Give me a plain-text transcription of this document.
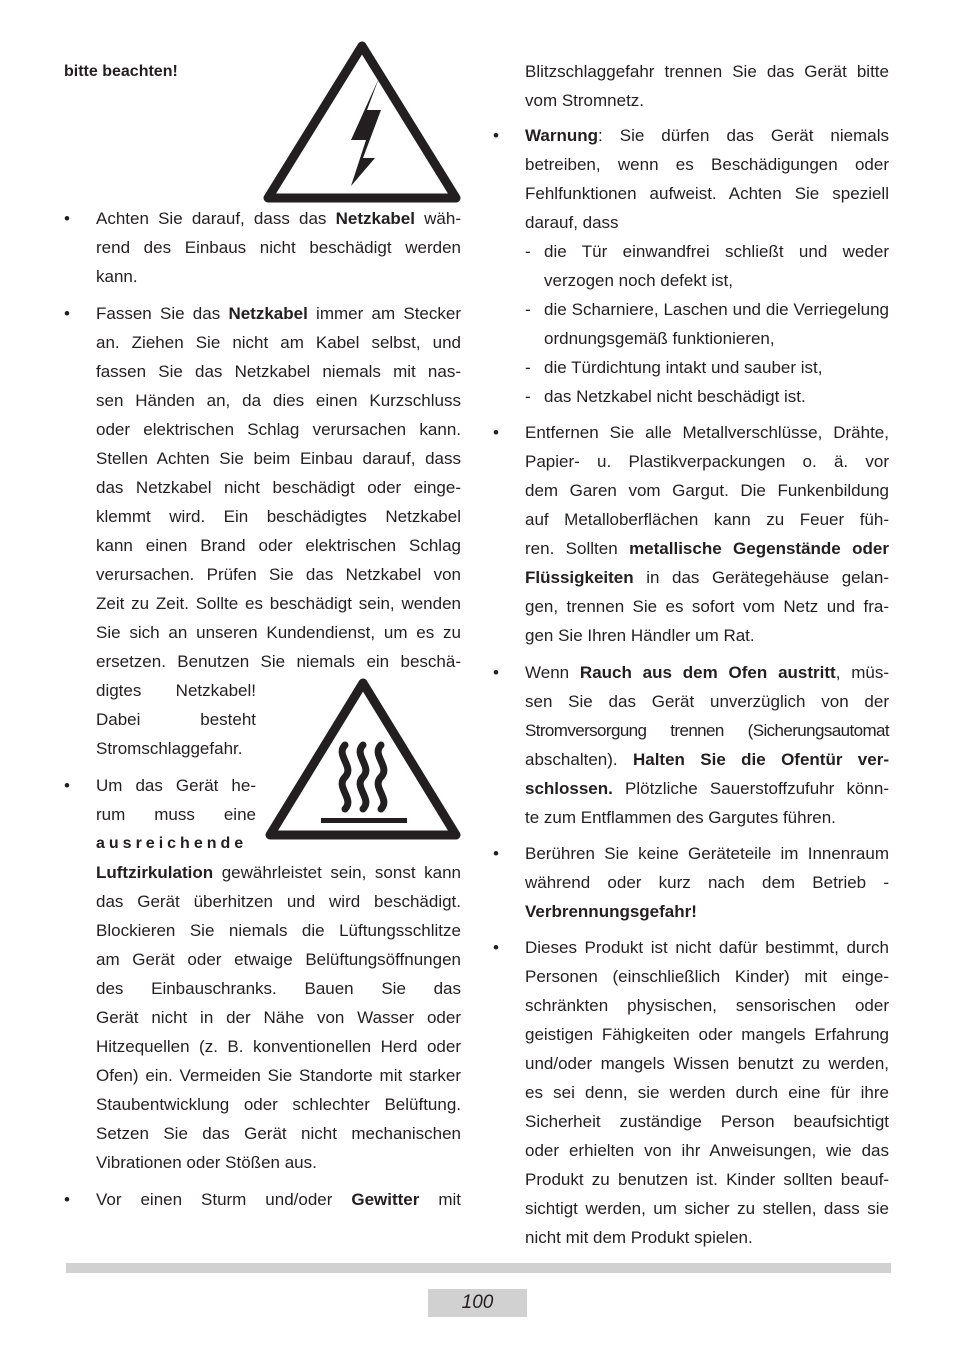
bitte beachten!
• Achten Sie darauf, dass das Netzkabel wäh-
rend des Einbaus nicht beschädigt werden
kann.
• Fassen Sie das Netzkabel immer am Stecker
an. Ziehen Sie nicht am Kabel selbst, und
fassen Sie das Netzkabel niemals mit nas-
sen Händen an, da dies einen Kurzschluss
oder elektrischen Schlag verursachen kann.
Stellen Achten Sie beim Einbau darauf, dass
das Netzkabel nicht beschädigt oder einge-
klemmt wird. Ein beschädigtes Netzkabel
kann einen Brand oder elektrischen Schlag
verursachen. Prüfen Sie das Netzkabel von
Zeit zu Zeit. Sollte es beschädigt sein, wenden
Sie sich an unseren Kundendienst, um es zu
ersetzen. Benutzen Sie niemals ein beschä-
digtes Netzkabel!
Dabei besteht
Stromschlaggefahr.
• Um das Gerät he-
rum muss eine
ausreichende
Luftzirkulation gewährleistet sein, sonst kann
das Gerät überhitzen und wird beschädigt.
Blockieren Sie niemals die Lüftungsschlitze
am Gerät oder etwaige Belüftungsöffnungen
des Einbauschranks. Bauen Sie das
Gerät nicht in der Nähe von Wasser oder
Hitzequellen (z. B. konventionellen Herd oder
Ofen) ein. Vermeiden Sie Standorte mit starker
Staubentwicklung oder schlechter Belüftung.
Setzen Sie das Gerät nicht mechanischen
Vibrationen oder Stößen aus.
• Vor einen Sturm und/oder Gewitter mit
Blitzschlaggefahr trennen Sie das Gerät bitte
vom Stromnetz.
• Warnung: Sie dürfen das Gerät niemals
betreiben, wenn es Beschädigungen oder
Fehlfunktionen aufweist. Achten Sie speziell
darauf, dass
- die Tür einwandfrei schließt und weder
verzogen noch defekt ist,
- die Scharniere, Laschen und die Verriegelung
ordnungsgemäß funktionieren,
- die Türdichtung intakt und sauber ist,
- das Netzkabel nicht beschädigt ist.
• Entfernen Sie alle Metallverschlüsse, Drähte,
Papier- u. Plastikverpackungen o. ä. vor
dem Garen vom Gargut. Die Funkenbildung
auf Metalloberflächen kann zu Feuer füh-
ren. Sollten metallische Gegenstände oder
Flüssigkeiten in das Gerätegehäuse gelan-
gen, trennen Sie es sofort vom Netz und fra-
gen Sie Ihren Händler um Rat.
• Wenn Rauch aus dem Ofen austritt, müs-
sen Sie das Gerät unverzüglich von der
Stromversorgung trennen (Sicherungsautomat
abschalten). Halten Sie die Ofentür ver-
schlossen. Plötzliche Sauerstoffzufuhr könn-
te zum Entflammen des Gargutes führen.
• Berühren Sie keine Geräteteile im Innenraum
während oder kurz nach dem Betrieb -
Verbrennungsgefahr!
• Dieses Produkt ist nicht dafür bestimmt, durch
Personen (einschließlich Kinder) mit einge-
schränkten physischen, sensorischen oder
geistigen Fähigkeiten oder mangels Erfahrung
und/oder mangels Wissen benutzt zu werden,
es sei denn, sie werden durch eine für ihre
Sicherheit zuständige Person beaufsichtigt
oder erhielten von ihr Anweisungen, wie das
Produkt zu benutzen ist. Kinder sollten beauf-
sichtigt werden, um sicher zu stellen, dass sie
nicht mit dem Produkt spielen.
100
